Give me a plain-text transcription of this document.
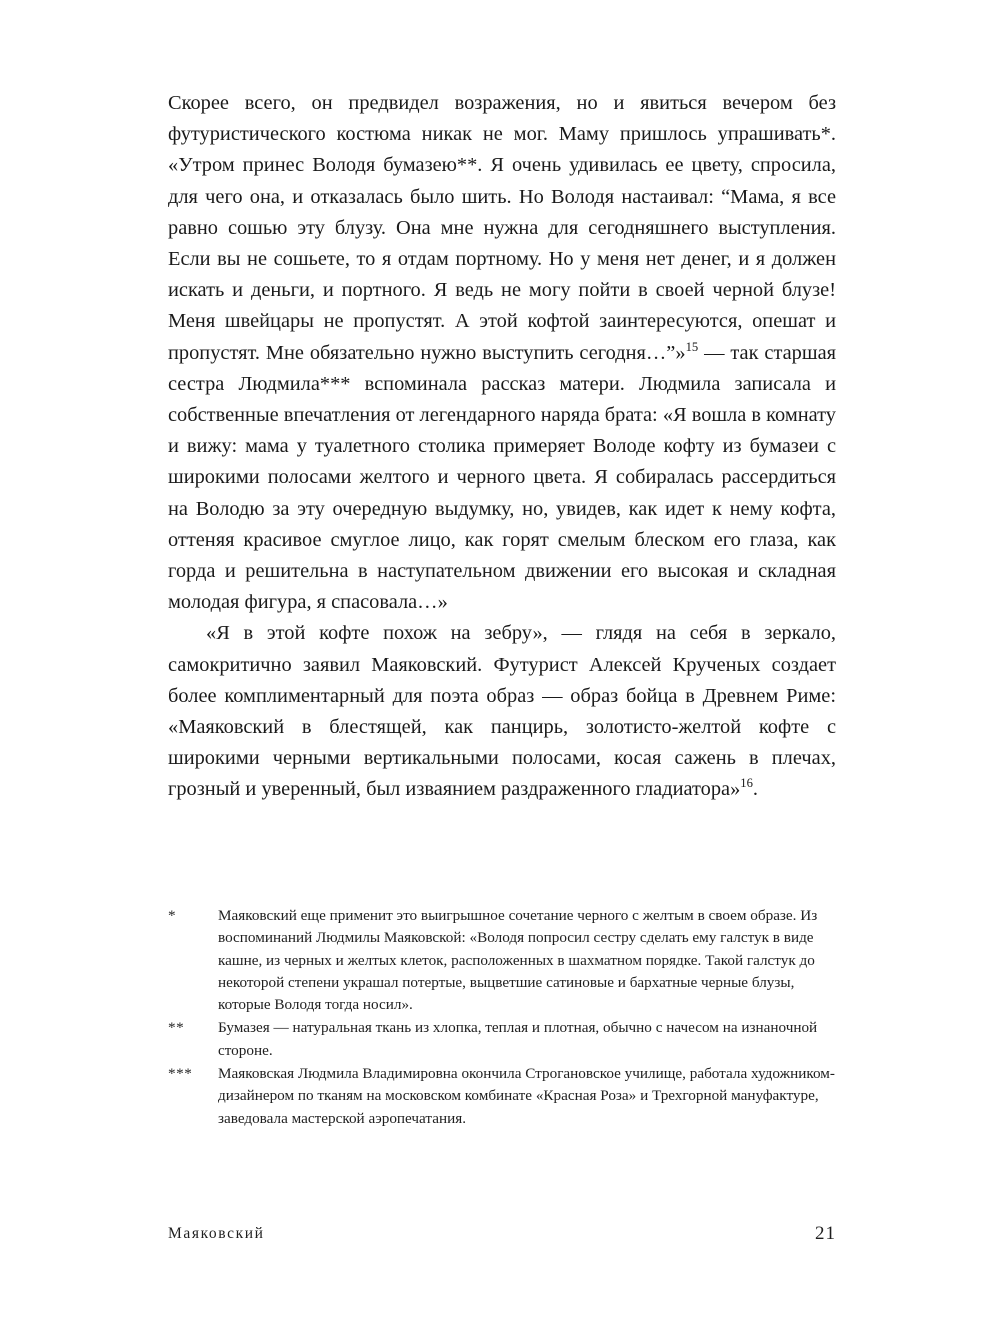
Скорее всего, он предвидел возражения, но и явиться вечером без футуристического костюма никак не мог. Маму пришлось упрашивать*. «Утром принес Володя бумазею**. Я очень удивилась ее цвету, спросила, для чего она, и отказалась было шить. Но Володя настаивал: “Мама, я все равно сошью эту блузу. Она мне нужна для сегодняшнего выступления. Если вы не сошьете, то я отдам портному. Но у меня нет денег, и я должен искать и деньги, и портного. Я ведь не могу пойти в своей черной блузе! Меня швейцары не пропустят. А этой кофтой заинтересуются, опешат и пропустят. Мне обязательно нужно выступить сегодня…”»$^{15}$ — так старшая сестра Людмила*** вспоминала рассказ матери. Людмила записала и собственные впечатления от легендарного наряда брата: «Я вошла в комнату и вижу: мама у туалетного столика примеряет Володе кофту из бумазеи с широкими полосами желтого и черного цвета. Я собиралась рассердиться на Володю за эту очередную выдумку, но, увидев, как идет к нему кофта, оттеняя красивое смуглое лицо, как горят смелым блеском его глаза, как горда и решительна в наступательном движении его высокая и складная молодая фигура, я спасовала…»

«Я в этой кофте похож на зебру», — глядя на себя в зеркало, самокритично заявил Маяковский. Футурист Алексей Крученых создает более комплиментарный для поэта образ — образ бойца в Древнем Риме: «Маяковский в блестящей, как панцирь, золотисто-желтой кофте с широкими черными вертикальными полосами, косая сажень в плечах, грозный и уверенный, был изваянием раздраженного гладиатора»$^{16}$.

*	Маяковский еще применит это выигрышное сочетание черного с желтым в своем образе. Из воспоминаний Людмилы Маяковской: «Володя попросил сестру сделать ему галстук в виде кашне, из черных и желтых клеток, расположенных в шахматном порядке. Такой галстук до некоторой степени украшал потертые, выцветшие сатиновые и бархатные черные блузы, которые Володя тогда носил».
**	Бумазея — натуральная ткань из хлопка, теплая и плотная, обычно с начесом на изнаночной стороне.
***	Маяковская Людмила Владимировна окончила Строгановское училище, работала художником-дизайнером по тканям на московском комбинате «Красная Роза» и Трехгорной мануфактуре, заведовала мастерской аэропечатания.
Маяковский	21
